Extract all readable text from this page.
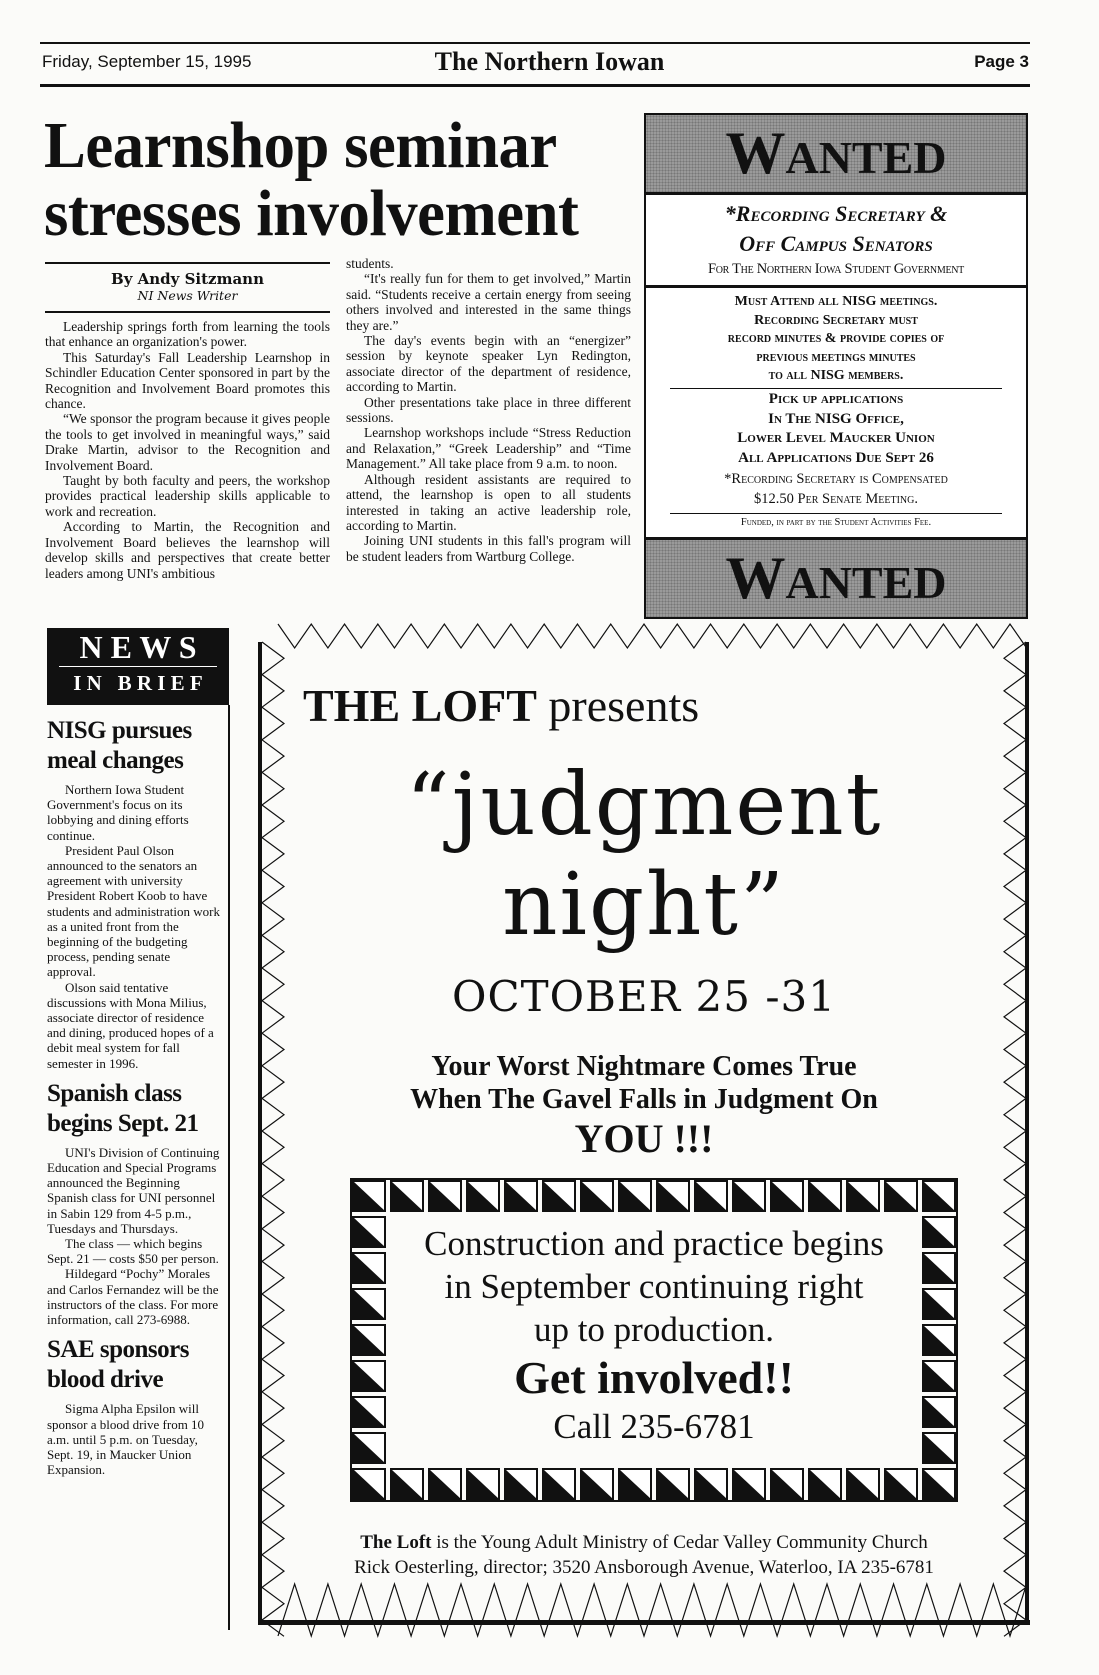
Friday, September 15, 1995	The Northern Iowan	Page 3
Learnshop seminar
stresses involvement
By Andy Sitzmann
NI News Writer

Leadership springs forth from learning the tools that enhance an organization's power.

This Saturday's Fall Leadership Learnshop in Schindler Education Center sponsored in part by the Recognition and Involvement Board promotes this chance.

“We sponsor the program because it gives people the tools to get involved in meaningful ways,” said Drake Martin, advisor to the Recognition and Involvement Board.

Taught by both faculty and peers, the workshop provides practical leadership skills applicable to work and recreation.

According to Martin, the Recognition and Involvement Board believes the learnshop will develop skills and perspectives that create better leaders among UNI's ambitious

students.

“It's really fun for them to get involved,” Martin said. “Students receive a certain energy from seeing others involved and interested in the same things they are.”

The day's events begin with an “energizer” session by keynote speaker Lyn Redington, associate director of the department of residence, according to Martin.

Other presentations take place in three different sessions.

Learnshop workshops include “Stress Reduction and Relaxation,” “Greek Leadership” and “Time Management.” All take place from 9 a.m. to noon.

Although resident assistants are required to attend, the learnshop is open to all students interested in taking an active leadership role, according to Martin.

Joining UNI students in this fall's program will be student leaders from Wartburg College.

WANTED
*Recording Secretary &
Off Campus Senators
For The Northern Iowa Student Government
Must Attend all NISG meetings.
Recording Secretary must
record minutes & provide copies of
previous meetings minutes
to all NISG members.
Pick up applications
In The NISG Office,
Lower Level Maucker Union
All Applications Due Sept 26
*Recording Secretary is Compensated
$12.50 Per Senate Meeting.
Funded, in part by the Student Activities Fee.
WANTED
N E W S
I N   B R I E F
NISG pursues meal changes

Northern Iowa Student Government's focus on its lobbying and dining efforts continue.

President Paul Olson announced to the senators an agreement with university President Robert Koob to have students and administration work as a united front from the beginning of the budgeting process, pending senate approval.

Olson said tentative discussions with Mona Milius, associate director of residence and dining, produced hopes of a debit meal system for fall semester in 1996.

Spanish class begins Sept. 21

UNI's Division of Continuing Education and Special Programs announced the Beginning Spanish class for UNI personnel in Sabin 129 from 4-5 p.m., Tuesdays and Thursdays.

The class — which begins Sept. 21 — costs $50 per person.

Hildegard “Pochy” Morales and Carlos Fernandez will be the instructors of the class. For more information, call 273-6988.

SAE sponsors blood drive

Sigma Alpha Epsilon will sponsor a blood drive from 10 a.m. until 5 p.m. on Tuesday, Sept. 19, in Maucker Union Expansion.

THE LOFT presents
“judgment
night”
OCTOBER 25 -31
Your Worst Nightmare Comes True
When The Gavel Falls in Judgment On
YOU !!!
Construction and practice begins
in September continuing right
up to production.
Get involved!!
Call 235-6781
The Loft is the Young Adult Ministry of Cedar Valley Community Church
Rick Oesterling, director; 3520 Ansborough Avenue, Waterloo, IA 235-6781
